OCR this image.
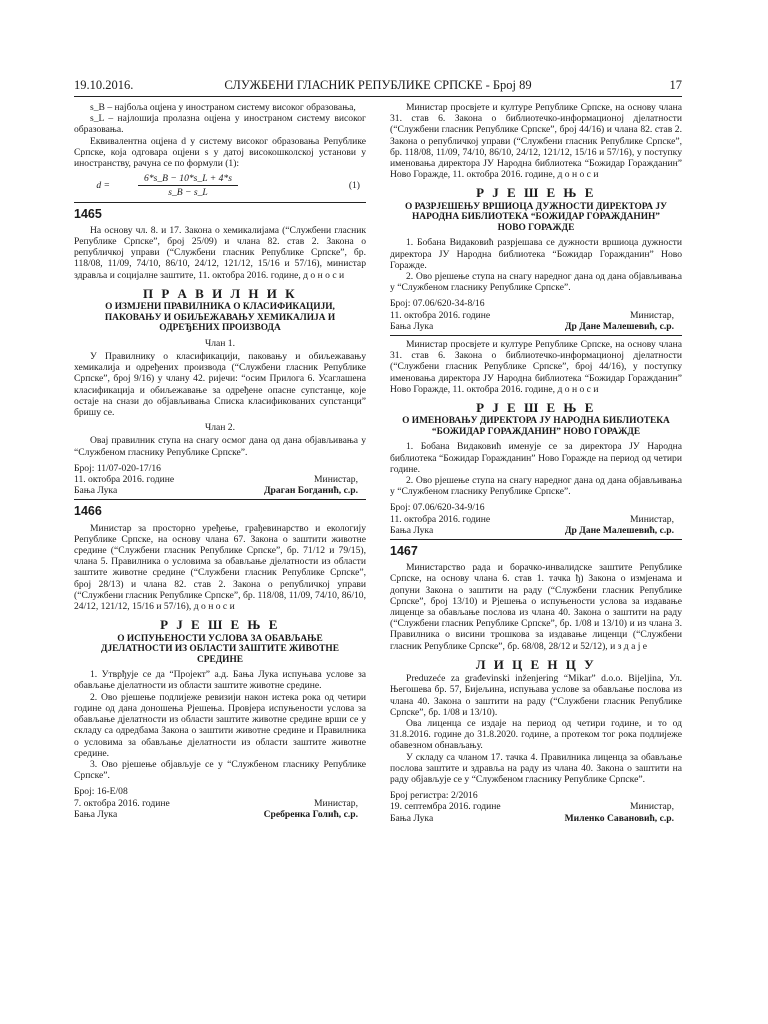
19.10.2016.	СЛУЖБЕНИ ГЛАСНИК РЕПУБЛИКЕ СРПСКЕ - Број 89	17

s_B – најбоља оцјена у иностраном систему високог образовања,

s_L – најлошија пролазна оцјена у иностраном систему високог образовања.

Еквивалентна оцјена d у систему високог образовања Републике Српске, која одговара оцјени s у датој високошколској установи у иностранству, рачуна се по формули (1):

$d = \frac{6*s\_B - 10*s\_L + 4*s}{s\_B - s\_L}$	(1)
1465

На основу чл. 8. и 17. Закона о хемикалијама (“Службени гласник Републике Српске”, број 25/09) и члана 82. став 2. Закона о републичкој управи (“Службени гласник Републике Српске”, бр. 118/08, 11/09, 74/10, 86/10, 24/12, 121/12, 15/16 и 57/16), министар здравља и социјалне заштите, 11. октобра 2016. године, д о н о с и

П Р А В И Л Н И К
О ИЗМЈЕНИ ПРАВИЛНИКА О КЛАСИФИКАЦИЈИ, ПАКОВАЊУ И ОБИЉЕЖАВАЊУ ХЕМИКАЛИЈА И ОДРЕЂЕНИХ ПРОИЗВОДА
Члан 1.

У Правилнику о класификацији, паковању и обиљежавању хемикалија и одређених производа (“Службени гласник Републике Српске”, број 9/16) у члану 42. ријечи: “осим Прилога 6. Усаглашена класификација и обиљежавање за одређене опасне супстанце, које остаје на снази до објављивања Списка класификованих супстанци” бришу се.

Члан 2.

Овај правилник ступа на снагу осмог дана од дана објављивања у “Службеном гласнику Републике Српске”.

Број: 11/07-020-17/16
11. октобра 2016. године	Министар,
Бања Лука	Драган Богданић, с.р.
1466

Министар за просторно уређење, грађевинарство и екологију Републике Српске, на основу члана 67. Закона о заштити животне средине (“Службени гласник Републике Српске”, бр. 71/12 и 79/15), члана 5. Правилника о условима за обављање дјелатности из области заштите животне средине (“Службени гласник Републике Српске”, број 28/13) и члана 82. став 2. Закона о републичкој управи (“Службени гласник Републике Српске”, бр. 118/08, 11/09, 74/10, 86/10, 24/12, 121/12, 15/16 и 57/16), д о н о с и

Р Ј Е Ш Е Њ Е
О ИСПУЊЕНОСТИ УСЛОВА ЗА ОБАВЉАЊЕ ДЈЕЛАТНОСТИ ИЗ ОБЛАСТИ ЗАШТИТЕ ЖИВОТНЕ СРЕДИНЕ

1. Утврђује се да “Пројект” а.д. Бања Лука испуњава услове за обављање дјелатности из области заштите животне средине.

2. Ово рјешење подлијеже ревизији након истека рока од четири године од дана доношења Рјешења. Провјера испуњености услова за обављање дјелатности из области заштите животне средине врши се у складу са одредбама Закона о заштити животне средине и Правилника о условима за обављање дјелатности из области заштите животне средине.

3. Ово рјешење објављује се у “Службеном гласнику Републике Српске”.

Број: 16-Е/08
7. октобра 2016. године	Министар,
Бања Лука	Сребренка Голић, с.р.

Министар просвјете и културе Републике Српске, на основу члана 31. став 6. Закона о библиотечко-информационој дјелатности (“Службени гласник Републике Српске”, број 44/16) и члана 82. став 2. Закона о републичкој управи (“Службени гласник Републике Српске”, бр. 118/08, 11/09, 74/10, 86/10, 24/12, 121/12, 15/16 и 57/16), у поступку именовања директора ЈУ Народна библиотека “Божидар Горажданин” Ново Горажде, 11. октобра 2016. године, д о н о с и

Р Ј Е Ш Е Њ Е
О РАЗРЈЕШЕЊУ ВРШИОЦА ДУЖНОСТИ ДИРЕКТОРА ЈУ НАРОДНА БИБЛИОТЕКА “БОЖИДАР ГОРАЖДАНИН” НОВО ГОРАЖДЕ

1. Бобана Видаковић разрјешава се дужности вршиоца дужности директора ЈУ Народна библиотека “Божидар Горажданин” Ново Горажде.

2. Ово рјешење ступа на снагу наредног дана од дана објављивања у “Службеном гласнику Републике Српске”.

Број: 07.06/620-34-8/16
11. октобра 2016. године	Министар,
Бања Лука	Др Дане Малешевић, с.р.

Министар просвјете и културе Републике Српске, на основу члана 31. став 6. Закона о библиотечко-информационој дјелатности (“Службени гласник Републике Српске”, број 44/16), у поступку именовања директора ЈУ Народна библиотека “Божидар Горажданин” Ново Горажде, 11. октобра 2016. године, д о н о с и

Р Ј Е Ш Е Њ Е
О ИМЕНОВАЊУ ДИРЕКТОРА ЈУ НАРОДНА БИБЛИОТЕКА “БОЖИДАР ГОРАЖДАНИН” НОВО ГОРАЖДЕ

1. Бобана Видаковић именује се за директора ЈУ Народна библиотека “Божидар Горажданин” Ново Горажде на период од четири године.

2. Ово рјешење ступа на снагу наредног дана од дана објављивања у “Службеном гласнику Републике Српске”.

Број: 07.06/620-34-9/16
11. октобра 2016. године	Министар,
Бања Лука	Др Дане Малешевић, с.р.
1467

Министарство рада и борачко-инвалидске заштите Републике Српске, на основу члана 6. став 1. тачка ђ) Закона о измјенама и допуни Закона о заштити на раду (“Службени гласник Републике Српске”, број 13/10) и Рјешења о испуњености услова за издавање лиценце за обављање послова из члана 40. Закона о заштити на раду (“Службени гласник Републике Српске”, бр. 1/08 и 13/10) и из члана 3. Правилника о висини трошкова за издавање лиценци (“Службени гласник Републике Српске”, бр. 68/08, 28/12 и 52/12), и з д а ј е

Л И Ц Е Н Ц У

Preduzeće za građevinski inženjering “Mikar” d.o.o. Bijeljina, Ул. Његошева бр. 57, Бијељина, испуњава услове за обављање послова из члана 40. Закона о заштити на раду (“Службени гласник Републике Српске”, бр. 1/08 и 13/10).

Ова лиценца се издаје на период од четири године, и то од 31.8.2016. године до 31.8.2020. године, а протеком тог рока подлијеже обавезном обнављању.

У складу са чланом 17. тачка 4. Правилника лиценца за обављање послова заштите и здравља на раду из члана 40. Закона о заштити на раду објављује се у “Службеном гласнику Републике Српске”.

Број регистра: 2/2016
19. септембра 2016. године	Министар,
Бања Лука	Миленко Савановић, с.р.
